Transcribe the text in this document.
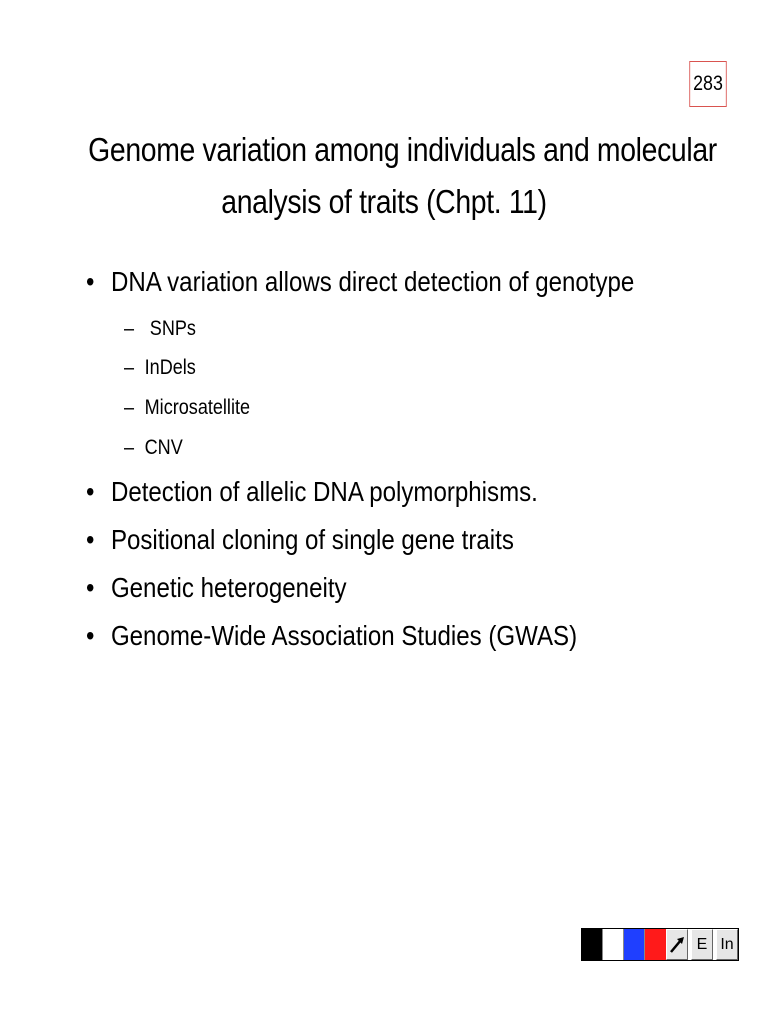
283
Genome variation among individuals and molecular
analysis of traits (Chpt. 11)
• DNA variation allows direct detection of genotype
– SNPs
– InDels
– Microsatellite
– CNV
• Detection of allelic DNA polymorphisms.
• Positional cloning of single gene traits
• Genetic heterogeneity
• Genome-Wide Association Studies (GWAS)
E In
